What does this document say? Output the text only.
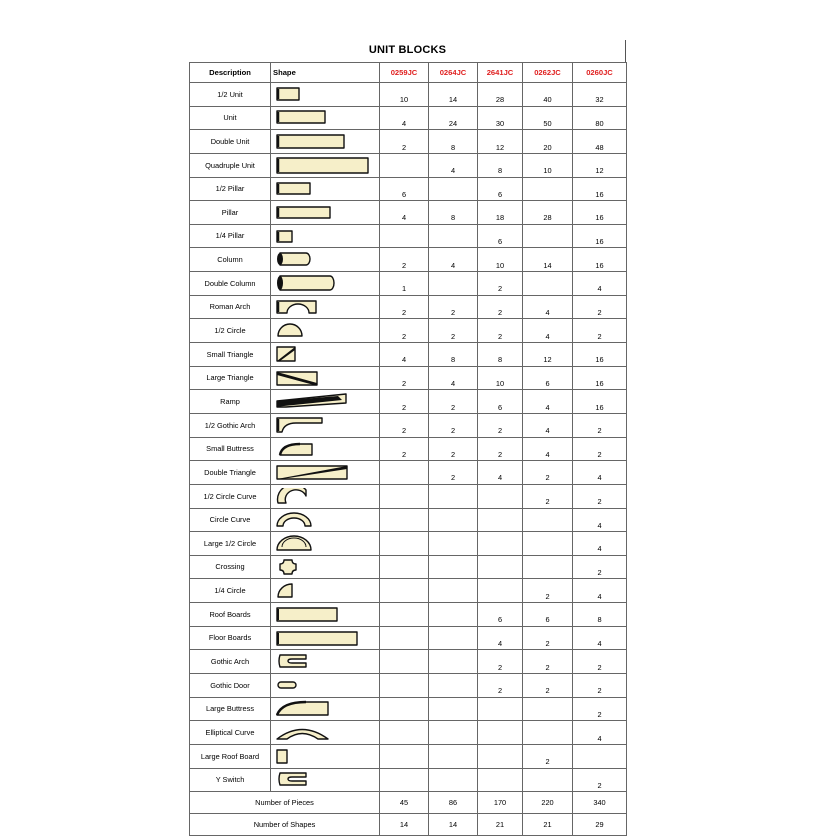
UNIT BLOCKS
Description	Shape	0259JC	0264JC	2641JC	0262JC	0260JC
1/2 Unit		10	14	28	40	32
Unit		4	24	30	50	80
Double Unit		2	8	12	20	48
Quadruple Unit			4	8	10	12
1/2 Pillar		6		6		16
Pillar		4	8	18	28	16
1/4 Pillar				6		16
Column		2	4	10	14	16
Double Column		1		2		4
Roman Arch		2	2	2	4	2
1/2 Circle		2	2	2	4	2
Small Triangle		4	8	8	12	16
Large Triangle		2	4	10	6	16
Ramp		2	2	6	4	16
1/2 Gothic Arch		2	2	2	4	2
Small Buttress		2	2	2	4	2
Double Triangle			2	4	2	4
1/2 Circle Curve					2	2
Circle Curve						4
Large 1/2 Circle						4
Crossing						2
1/4 Circle					2	4
Roof Boards				6	6	8
Floor Boards				4	2	4
Gothic Arch				2	2	2
Gothic Door				2	2	2
Large Buttress						2
Elliptical Curve						4
Large Roof Board					2	
Y Switch						2
Number of Pieces		45	86	170	220	340
Number of Shapes		14	14	21	21	29
